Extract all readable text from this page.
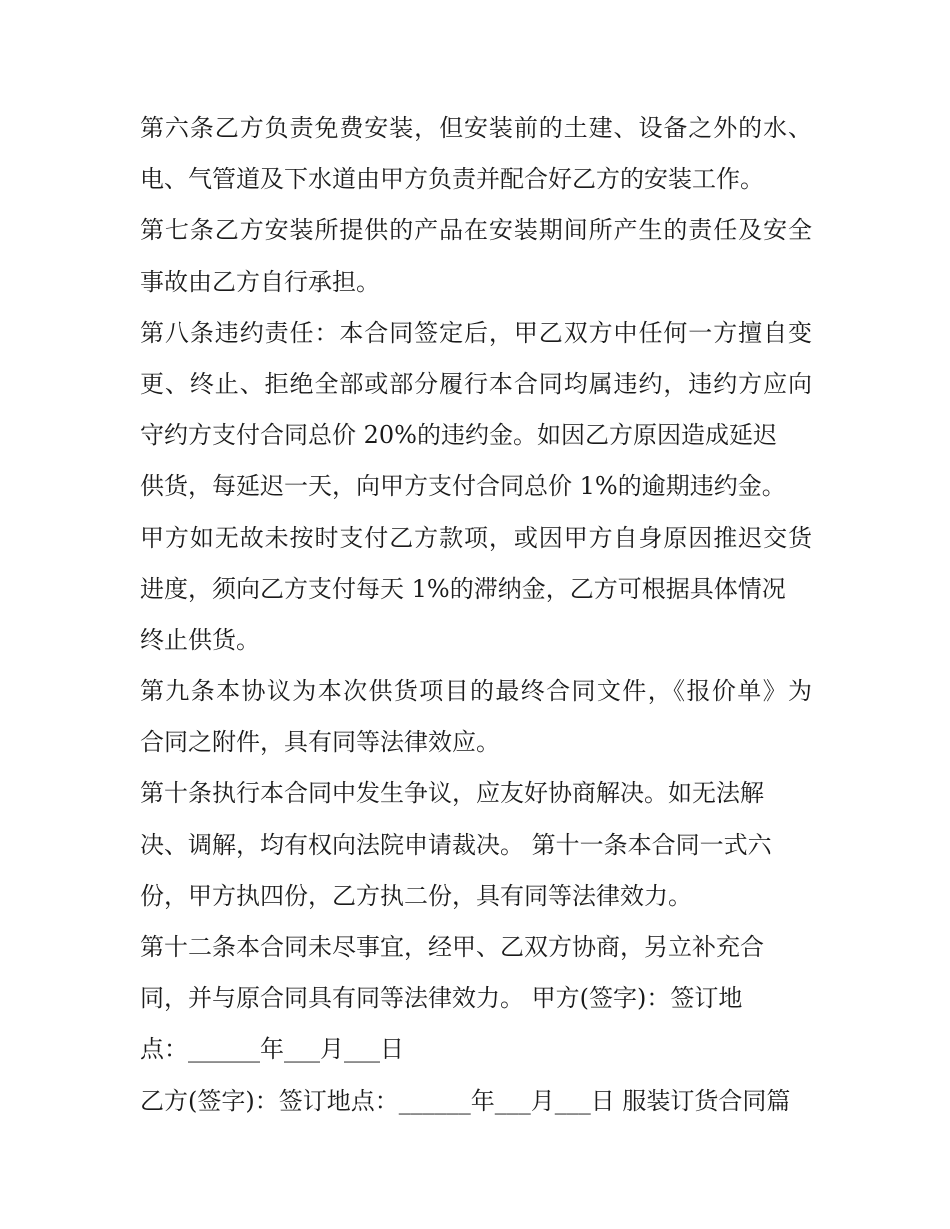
第六条乙方负责免费安装，但安装前的土建、设备之外的水、
电、气管道及下水道由甲方负责并配合好乙方的安装工作。
第七条乙方安装所提供的产品在安装期间所产生的责任及安全
事故由乙方自行承担。
第八条违约责任：本合同签定后，甲乙双方中任何一方擅自变
更、终止、拒绝全部或部分履行本合同均属违约，违约方应向
守约方支付合同总价 20%的违约金。如因乙方原因造成延迟
供货，每延迟一天，向甲方支付合同总价 1%的逾期违约金。
甲方如无故未按时支付乙方款项，或因甲方自身原因推迟交货
进度，须向乙方支付每天 1%的滞纳金，乙方可根据具体情况
终止供货。
第九条本协议为本次供货项目的最终合同文件，《报价单》为
合同之附件，具有同等法律效应。
第十条执行本合同中发生争议，应友好协商解决。如无法解
决、调解，均有权向法院申请裁决。 第十一条本合同一式六
份，甲方执四份，乙方执二份，具有同等法律效力。
第十二条本合同未尽事宜，经甲、乙双方协商，另立补充合
同，并与原合同具有同等法律效力。 甲方(签字)：签订地
点：______年___月___日
乙方(签字)：签订地点：______年___月___日 服装订货合同篇
